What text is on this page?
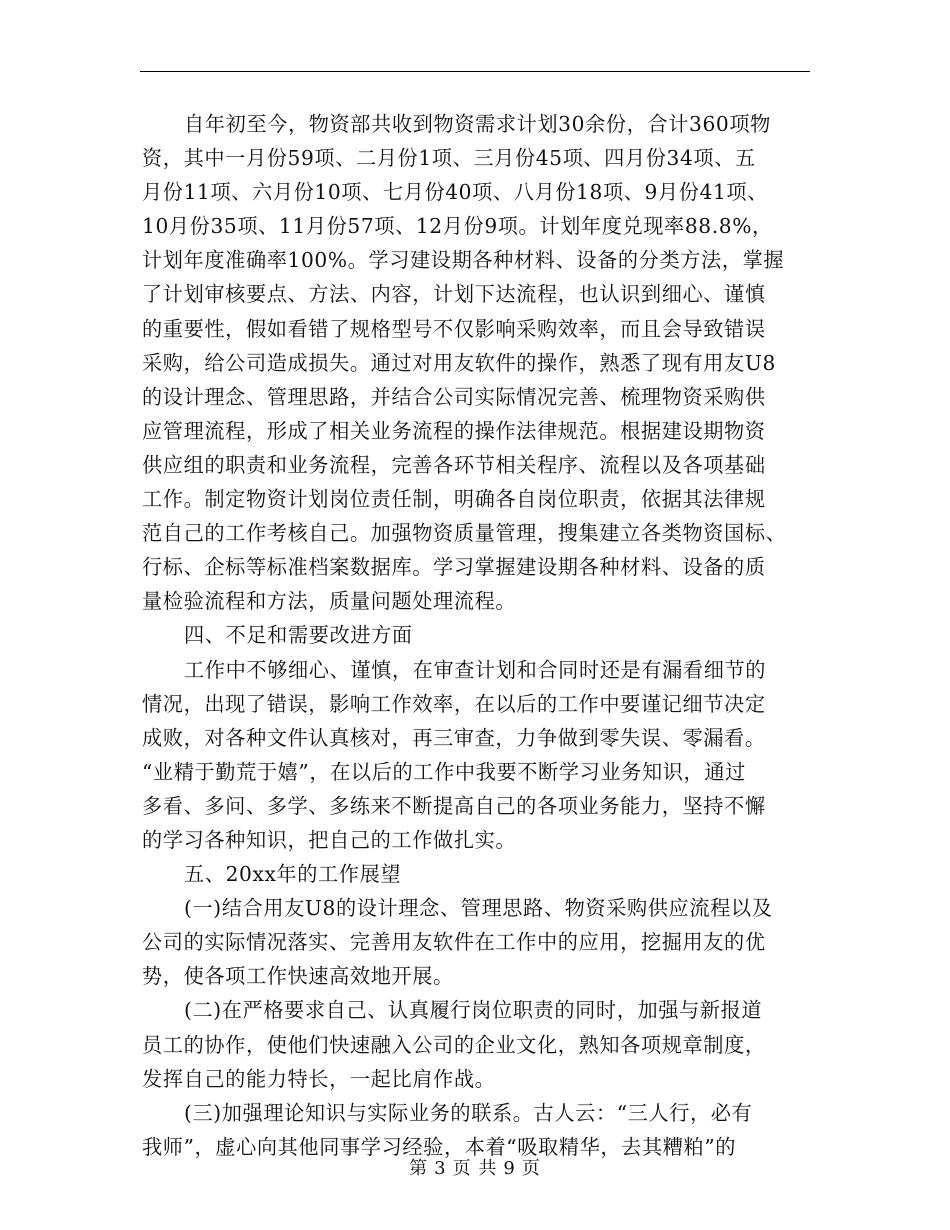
自年初至今，物资部共收到物资需求计划30余份，合计360项物
资，其中一月份59项、二月份1项、三月份45项、四月份34项、五
月份11项、六月份10项、七月份40项、八月份18项、9月份41项、
10月份35项、11月份57项、12月份9项。计划年度兑现率88.8%，
计划年度准确率100%。学习建设期各种材料、设备的分类方法，掌握
了计划审核要点、方法、内容，计划下达流程，也认识到细心、谨慎
的重要性，假如看错了规格型号不仅影响采购效率，而且会导致错误
采购，给公司造成损失。通过对用友软件的操作，熟悉了现有用友U8
的设计理念、管理思路，并结合公司实际情况完善、梳理物资采购供
应管理流程，形成了相关业务流程的操作法律规范。根据建设期物资
供应组的职责和业务流程，完善各环节相关程序、流程以及各项基础
工作。制定物资计划岗位责任制，明确各自岗位职责，依据其法律规
范自己的工作考核自己。加强物资质量管理，搜集建立各类物资国标、
行标、企标等标准档案数据库。学习掌握建设期各种材料、设备的质
量检验流程和方法，质量问题处理流程。
四、不足和需要改进方面
工作中不够细心、谨慎，在审查计划和合同时还是有漏看细节的
情况，出现了错误，影响工作效率，在以后的工作中要谨记细节决定
成败，对各种文件认真核对，再三审查，力争做到零失误、零漏看。
“业精于勤荒于嬉”，在以后的工作中我要不断学习业务知识，通过
多看、多问、多学、多练来不断提高自己的各项业务能力，坚持不懈
的学习各种知识，把自己的工作做扎实。
五、20xx年的工作展望
(一)结合用友U8的设计理念、管理思路、物资采购供应流程以及
公司的实际情况落实、完善用友软件在工作中的应用，挖掘用友的优
势，使各项工作快速高效地开展。
(二)在严格要求自己、认真履行岗位职责的同时，加强与新报道
员工的协作，使他们快速融入公司的企业文化，熟知各项规章制度，
发挥自己的能力特长，一起比肩作战。
(三)加强理论知识与实际业务的联系。古人云：“三人行，必有
我师”，虚心向其他同事学习经验，本着“吸取精华，去其糟粕”的
第 3 页 共 9 页
